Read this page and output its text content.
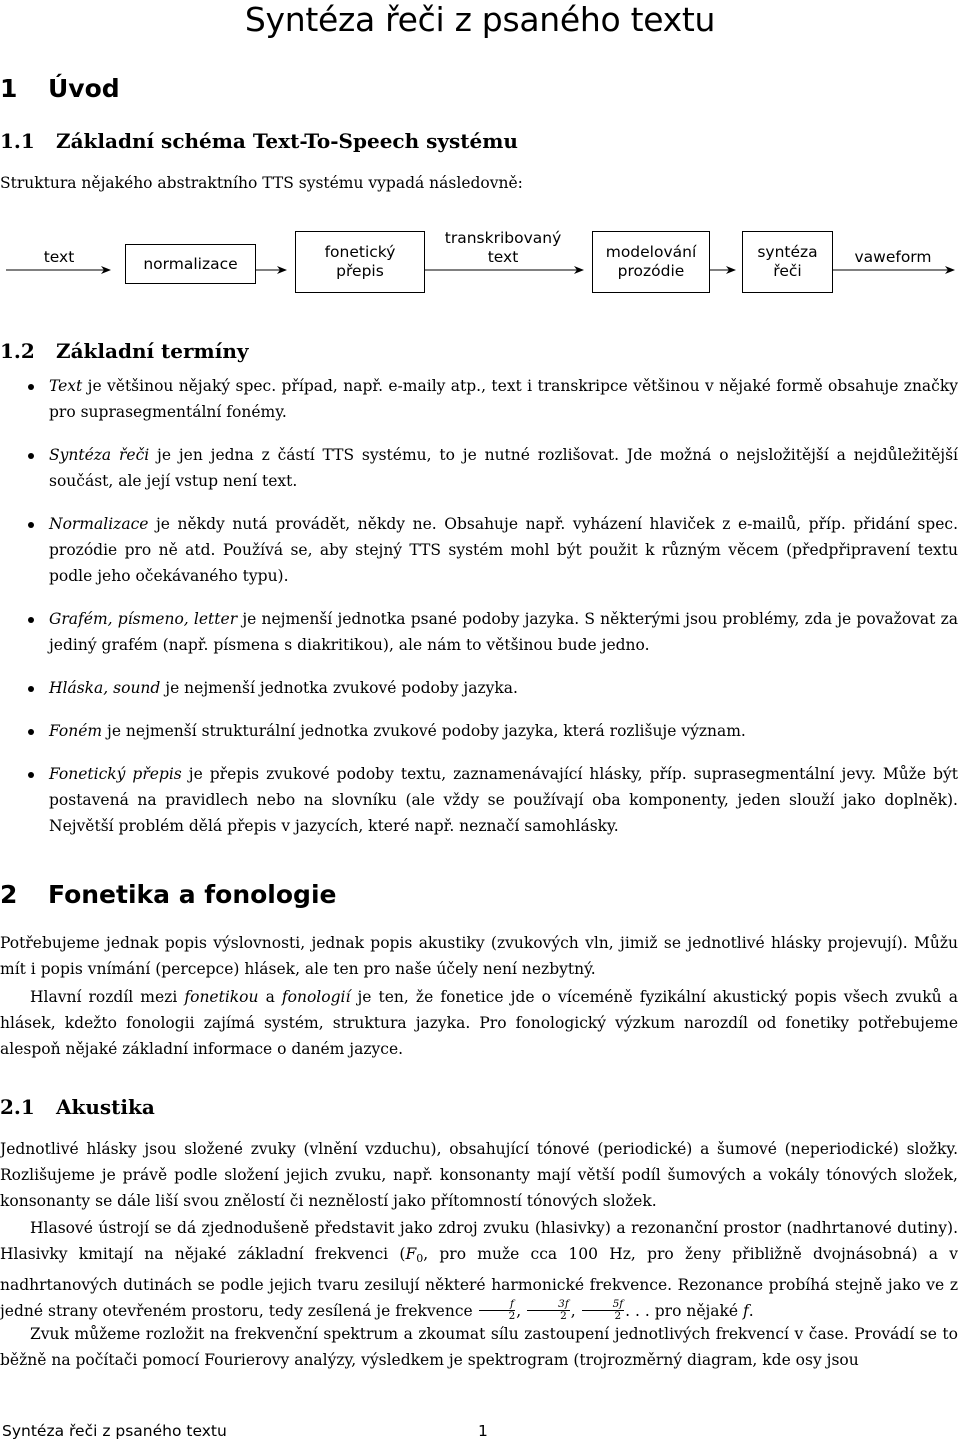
Syntéza řeči z psaného textu
1 Úvod
1.1 Základní schéma Text-To-Speech systému
Struktura nějakého abstraktního TTS systému vypadá následovně:
text	normalizace
fonetický
přepis
transkribovaný
text	modelování
prozódie
syntéza
řeči
vaweform
1.2 Základní termíny
Text je většinou nějaký spec. případ, např. e-maily atp., text i transkripce většinou v nějaké formě obsahuje značky pro suprasegmentální fonémy.
Syntéza řeči je jen jedna z částí TTS systému, to je nutné rozlišovat. Jde možná o nejsložitější a nejdůležitější součást, ale její vstup není text.
Normalizace je někdy nutá provádět, někdy ne. Obsahuje např. vyházení hlaviček z e-mailů, příp. přidání spec. prozódie pro ně atd. Používá se, aby stejný TTS systém mohl být použit k různým věcem (předpřipravení textu podle jeho očekávaného typu).
Grafém, písmeno, letter je nejmenší jednotka psané podoby jazyka. S některými jsou problémy, zda je považovat za jediný grafém (např. písmena s diakritikou), ale nám to většinou bude jedno.
Hláska, sound je nejmenší jednotka zvukové podoby jazyka.
Foném je nejmenší strukturální jednotka zvukové podoby jazyka, která rozlišuje význam.
Fonetický přepis je přepis zvukové podoby textu, zaznamenávající hlásky, příp. suprasegmentální jevy. Může být postavená na pravidlech nebo na slovníku (ale vždy se používají oba komponenty, jeden slouží jako doplněk). Největší problém dělá přepis v jazycích, které např. neznačí samohlásky.
2 Fonetika a fonologie
Potřebujeme jednak popis výslovnosti, jednak popis akustiky (zvukových vln, jimiž se jednotlivé hlásky projevují). Můžu mít i popis vnímání (percepce) hlásek, ale ten pro naše účely není nezbytný.
Hlavní rozdíl mezi fonetikou a fonologií je ten, že fonetice jde o víceméně fyzikální akustický popis všech zvuků a hlásek, kdežto fonologii zajímá systém, struktura jazyka. Pro fonologický výzkum narozdíl od fonetiky potřebujeme alespoň nějaké základní informace o daném jazyce.
2.1 Akustika
Jednotlivé hlásky jsou složené zvuky (vlnění vzduchu), obsahující tónové (periodické) a šumové (neperiodické) složky. Rozlišujeme je právě podle složení jejich zvuku, např. konsonanty mají větší podíl šumových a vokály tónových složek, konsonanty se dále liší svou znělostí či neznělostí jako přítomností tónových složek.
Hlasové ústrojí se dá zjednodušeně představit jako zdroj zvuku (hlasivky) a rezonanční prostor (nadhrtanové dutiny). Hlasivky kmitají na nějaké základní frekvenci ($F_0$, pro muže cca 100 Hz, pro ženy přibližně dvojnásobná) a v nadhrtanových dutinách se podle jejich tvaru zesilují některé harmonické frekvence. Rezonance probíhá stejně jako ve z jedné strany otevřeném prostoru, tedy zesílená je frekvence $\frac{f}{2}$ , $\frac{3f}{2}$ , $\frac{5f}{2}$ . . . pro nějaké f.
Zvuk můžeme rozložit na frekvenční spektrum a zkoumat sílu zastoupení jednotlivých frekvencí v čase. Provádí se to běžně na počítači pomocí Fourierovy analýzy, výsledkem je spektrogram (trojrozměrný diagram, kde osy jsou
Syntéza řeči z psaného textu	1
